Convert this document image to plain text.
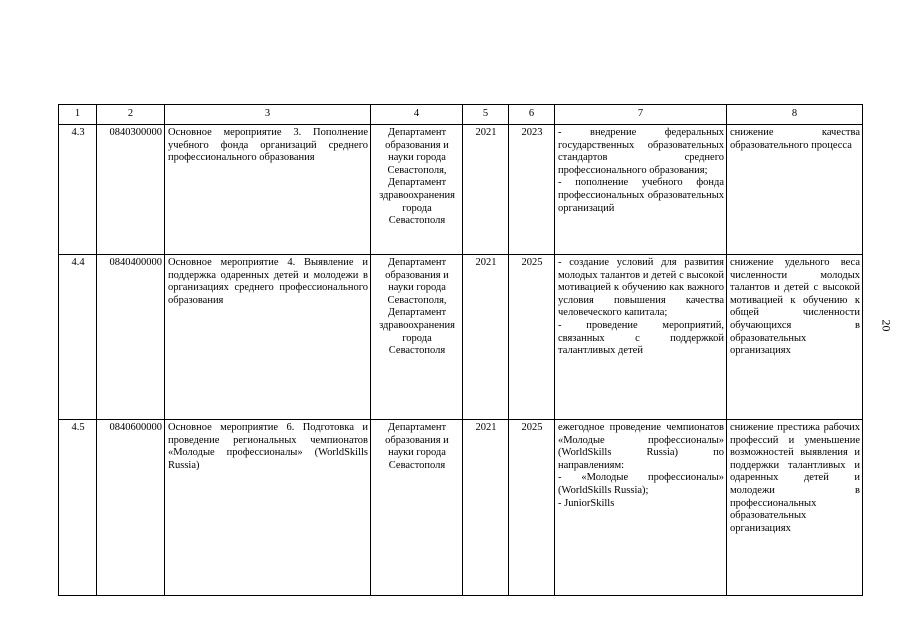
1	2	3	4	5	6	7	8
4.3	0840300000	Основное мероприятие 3. Пополнение учебного фонда организаций среднего профессионального образования	Департамент образования и науки города Севастополя, Департамент здравоохранения города Севастополя	2021	2023	- внедрение федеральных государственных образовательных стандартов среднего профессионального образования;
- пополнение учебного фонда профессиональных образовательных организаций	снижение качества образовательного процесса
4.4	0840400000	Основное мероприятие 4. Выявление и поддержка одаренных детей и молодежи в организациях среднего профессионального образования	Департамент образования и науки города Севастополя, Департамент здравоохранения города Севастополя	2021	2025	- создание условий для развития молодых талантов и детей с высокой мотивацией к обучению как важного условия повышения качества человеческого капитала;
- проведение мероприятий, связанных с поддержкой талантливых детей	снижение удельного веса численности молодых талантов и детей с высокой мотивацией к обучению к общей численности обучающихся в образовательных организациях
4.5	0840600000	Основное мероприятие 6. Подготовка и проведение региональных чемпионатов «Молодые профессионалы» (WorldSkills Russia)	Департамент образования и науки города Севастополя	2021	2025	ежегодное проведение чемпионатов «Молодые профессионалы» (WorldSkills Russia) по направлениям:
- «Молодые профессионалы» (WorldSkills Russia);
- JuniorSkills	снижение престижа рабочих профессий и уменьшение возможностей выявления и поддержки талантливых и одаренных детей и молодежи в профессиональных образовательных организациях
20
